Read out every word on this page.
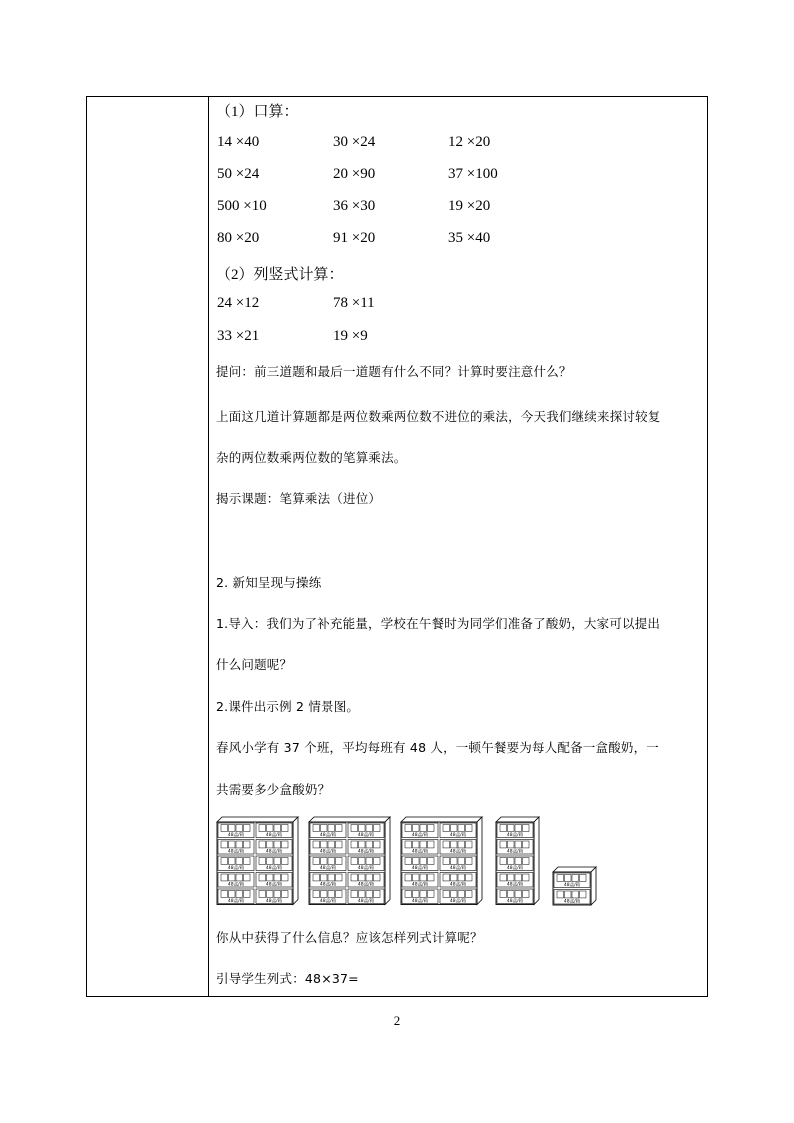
（1）口算：
14 ×40	30 ×24	12 ×20
50 ×24	20 ×90	37 ×100
500 ×10	36 ×30	19 ×20
80 ×20	91 ×20	35 ×40
（2）列竖式计算：
24 ×12	78 ×11
33 ×21	19 ×9
提问：前三道题和最后一道题有什么不同？计算时要注意什么？
上面这几道计算题都是两位数乘两位数不进位的乘法，今天我们继续来探讨较复
杂的两位数乘两位数的笔算乘法。
揭示课题：笔算乘法（进位）
2. 新知呈现与操练
1.导入：我们为了补充能量，学校在午餐时为同学们准备了酸奶，大家可以提出
什么问题呢？
2.课件出示例 2 情景图。
春风小学有 37 个班，平均每班有 48 人，一顿午餐要为每人配备一盒酸奶，一
共需要多少盒酸奶？
48盒/箱
48盒/箱
48盒/箱
48盒/箱
48盒/箱
48盒/箱
48盒/箱
48盒/箱
48盒/箱
48盒/箱
48盒/箱
48盒/箱
48盒/箱
48盒/箱
48盒/箱
48盒/箱
48盒/箱
48盒/箱
48盒/箱
48盒/箱
48盒/箱
48盒/箱
48盒/箱
48盒/箱
48盒/箱
48盒/箱
48盒/箱
48盒/箱
48盒/箱
48盒/箱
48盒/箱
48盒/箱
48盒/箱
48盒/箱
48盒/箱
48盒/箱
48盒/箱
你从中获得了什么信息？应该怎样列式计算呢？
引导学生列式：48×37=
2
